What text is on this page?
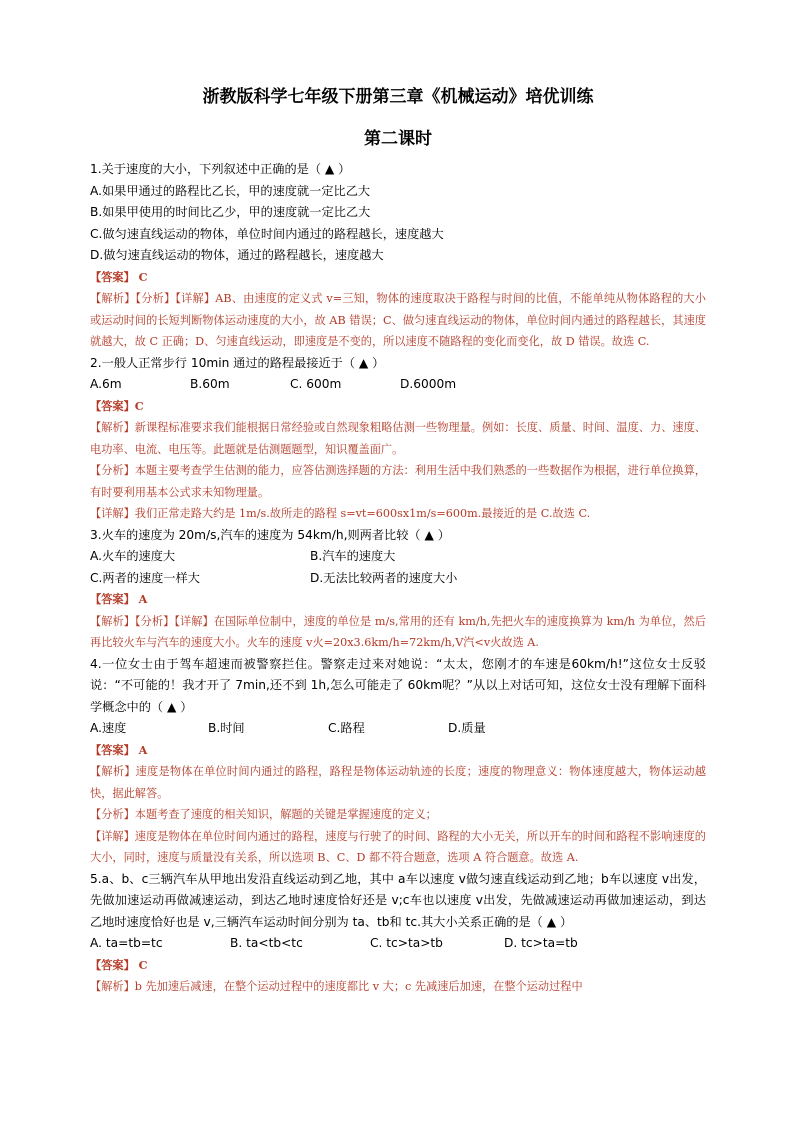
浙教版科学七年级下册第三章《机械运动》培优训练
第二课时
1.关于速度的大小，下列叙述中正确的是（ ▲ ）
A.如果甲通过的路程比乙长，甲的速度就一定比乙大
B.如果甲使用的时间比乙少，甲的速度就一定比乙大
C.做匀速直线运动的物体，单位时间内通过的路程越长，速度越大
D.做匀速直线运动的物体，通过的路程越长，速度越大
【答案】 C
【解析】【分析】【详解】AB、由速度的定义式 v=三知，物体的速度取决于路程与时间的比值，不能单纯从物体路程的大小或运动时间的长短判断物体运动速度的大小，故 AB 错误；C、做匀速直线运动的物体，单位时间内通过的路程越长，其速度就越大，故 C 正确；D、匀速直线运动，即速度是不变的，所以速度不随路程的变化而变化，故 D 错误。故选 C.
2.一般人正常步行 10min 通过的路程最接近于（ ▲ ）
A.6m	B.60m	C. 600m	D.6000m
【答案】C
【解析】新课程标准要求我们能根据日常经验或自然现象粗略估测一些物理量。例如：长度、质量、时间、温度、力、速度、电功率、电流、电压等。此题就是估测题题型，知识覆盖面广。
【分析】本题主要考查学生估测的能力，应答估测选择题的方法：利用生活中我们熟悉的一些数据作为根据，进行单位换算，有时要利用基本公式求未知物理量。
【详解】我们正常走路大约是 1m/s.故所走的路程 s=vt=600sx1m/s=600m.最接近的是 C.故选 C.
3.火车的速度为 20m/s,汽车的速度为 54km/h,则两者比较（ ▲ ）
A.火车的速度大	B.汽车的速度大
C.两者的速度一样大	D.无法比较两者的速度大小
【答案】 A
【解析】【分析】【详解】在国际单位制中，速度的单位是 m/s,常用的还有 km/h,先把火车的速度换算为 km/h 为单位，然后再比较火车与汽车的速度大小。火车的速度 v火=20x3.6km/h=72km/h,V汽<v火故选 A.
4.一位女士由于驾车超速而被警察拦住。警察走过来对她说：“太太，您刚才的车速是60km/h!”这位女士反驳说：“不可能的！我才开了 7min,还不到 1h,怎么可能走了 60km呢？”从以上对话可知，这位女士没有理解下面科学概念中的（ ▲ ）
A.速度	B.时间	C.路程	D.质量
【答案】 A
【解析】速度是物体在单位时间内通过的路程，路程是物体运动轨迹的长度；速度的物理意义：物体速度越大，物体运动越快，据此解答。
【分析】本题考查了速度的相关知识，解题的关键是掌握速度的定义；
【详解】速度是物体在单位时间内通过的路程，速度与行驶了的时间、路程的大小无关，所以开车的时间和路程不影响速度的大小，同时，速度与质量没有关系，所以选项 B、C、D 都不符合题意，选项 A 符合题意。故选 A.
5.a、b、c三辆汽车从甲地出发沿直线运动到乙地，其中 a车以速度 v做匀速直线运动到乙地；b车以速度 v出发，先做加速运动再做减速运动，到达乙地时速度恰好还是 v;c车也以速度 v出发，先做减速运动再做加速运动，到达乙地时速度恰好也是 v,三辆汽车运动时间分别为 ta、tb和 tc.其大小关系正确的是（ ▲ ）
A. ta=tb=tc	B. ta<tb<tc	C. tc>ta>tb	D. tc>ta=tb
【答案】 C
【解析】b 先加速后减速，在整个运动过程中的速度都比 v 大；c 先减速后加速，在整个运动过程中
